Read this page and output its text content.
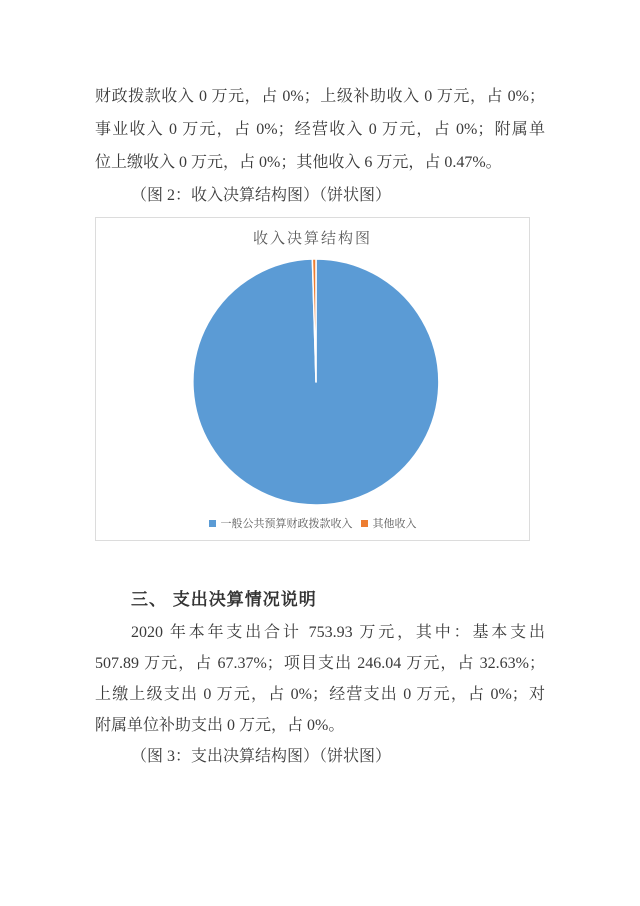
财政拨款收入 0 万元，占 0%；上级补助收入 0 万元，占 0%；
事业收入 0 万元，占 0%；经营收入 0 万元，占 0%；附属单
位上缴收入 0 万元，占 0%；其他收入 6 万元，占 0.47%。
（图 2：收入决算结构图）（饼状图）
收入决算结构图
一般公共预算财政拨款收入 其他收入
三、 支出决算情况说明
2020 年本年支出合计 753.93 万元，其中：基本支出
507.89 万元，占 67.37%；项目支出 246.04 万元，占 32.63%；
上缴上级支出 0 万元，占 0%；经营支出 0 万元，占 0%；对
附属单位补助支出 0 万元，占 0%。
（图 3：支出决算结构图）（饼状图）
